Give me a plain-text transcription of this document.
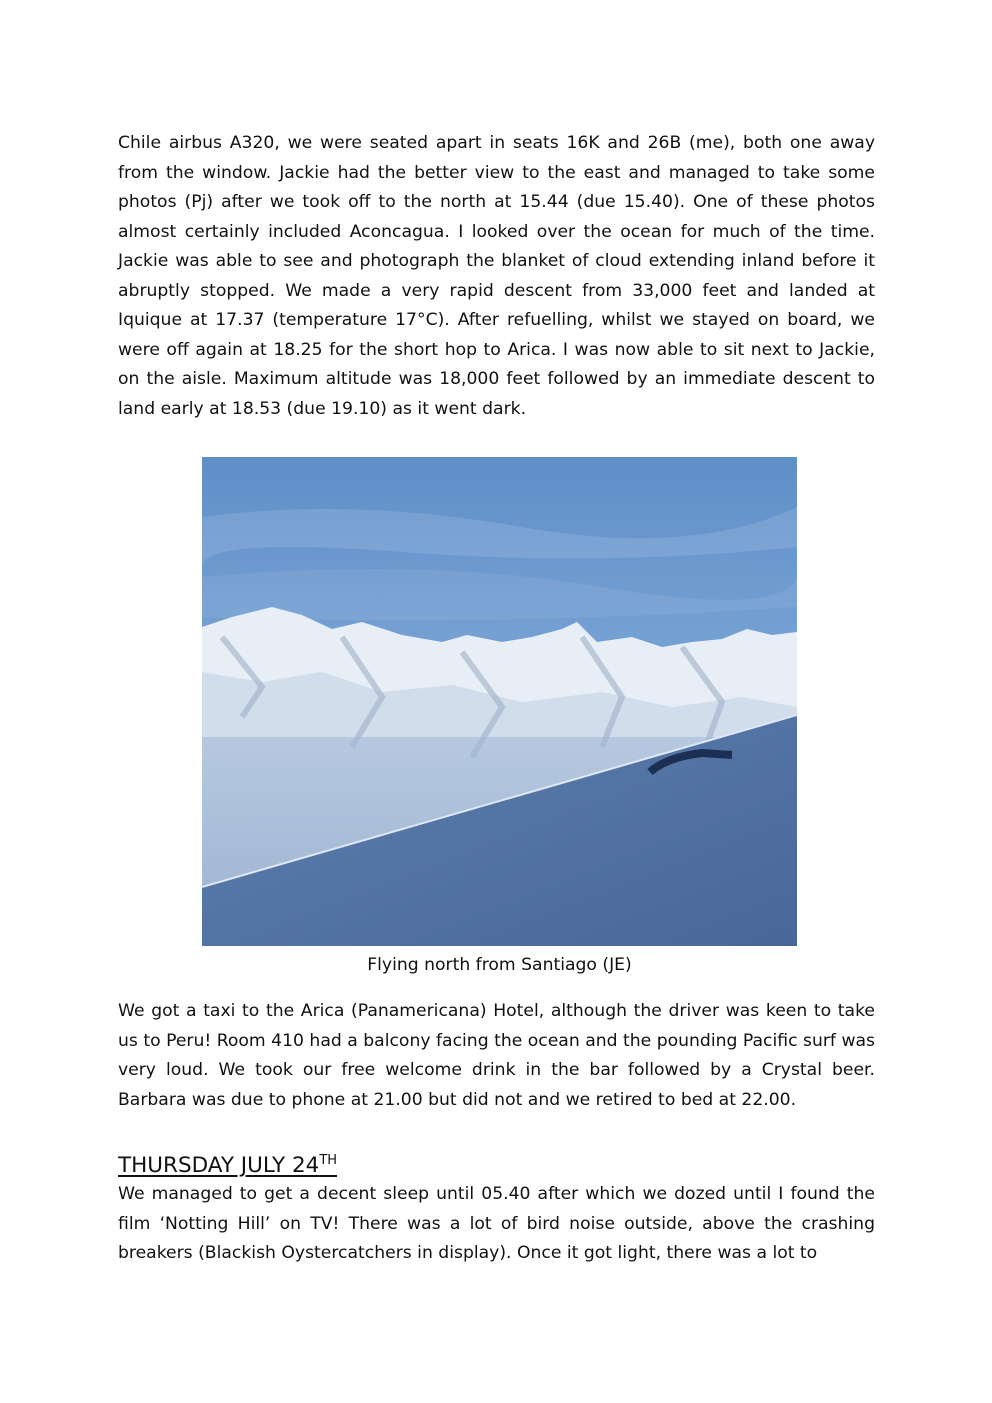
Chile airbus A320, we were seated apart in seats 16K and 26B (me), both one away from the window. Jackie had the better view to the east and managed to take some photos (Pj) after we took off to the north at 15.44 (due 15.40). One of these photos almost certainly included Aconcagua. I looked over the ocean for much of the time. Jackie was able to see and photograph the blanket of cloud extending inland before it abruptly stopped. We made a very rapid descent from 33,000 feet and landed at Iquique at 17.37 (temperature 17°C). After refuelling, whilst we stayed on board, we were off again at 18.25 for the short hop to Arica. I was now able to sit next to Jackie, on the aisle. Maximum altitude was 18,000 feet followed by an immediate descent to land early at 18.53 (due 19.10) as it went dark.

Flying north from Santiago (JE)

We got a taxi to the Arica (Panamericana) Hotel, although the driver was keen to take us to Peru! Room 410 had a balcony facing the ocean and the pounding Pacific surf was very loud. We took our free welcome drink in the bar followed by a Crystal beer. Barbara was due to phone at 21.00 but did not and we retired to bed at 22.00.

THURSDAY JULY 24TH

We managed to get a decent sleep until 05.40 after which we dozed until I found the film ‘Notting Hill’ on TV! There was a lot of bird noise outside, above the crashing breakers (Blackish Oystercatchers in display). Once it got light, there was a lot to
